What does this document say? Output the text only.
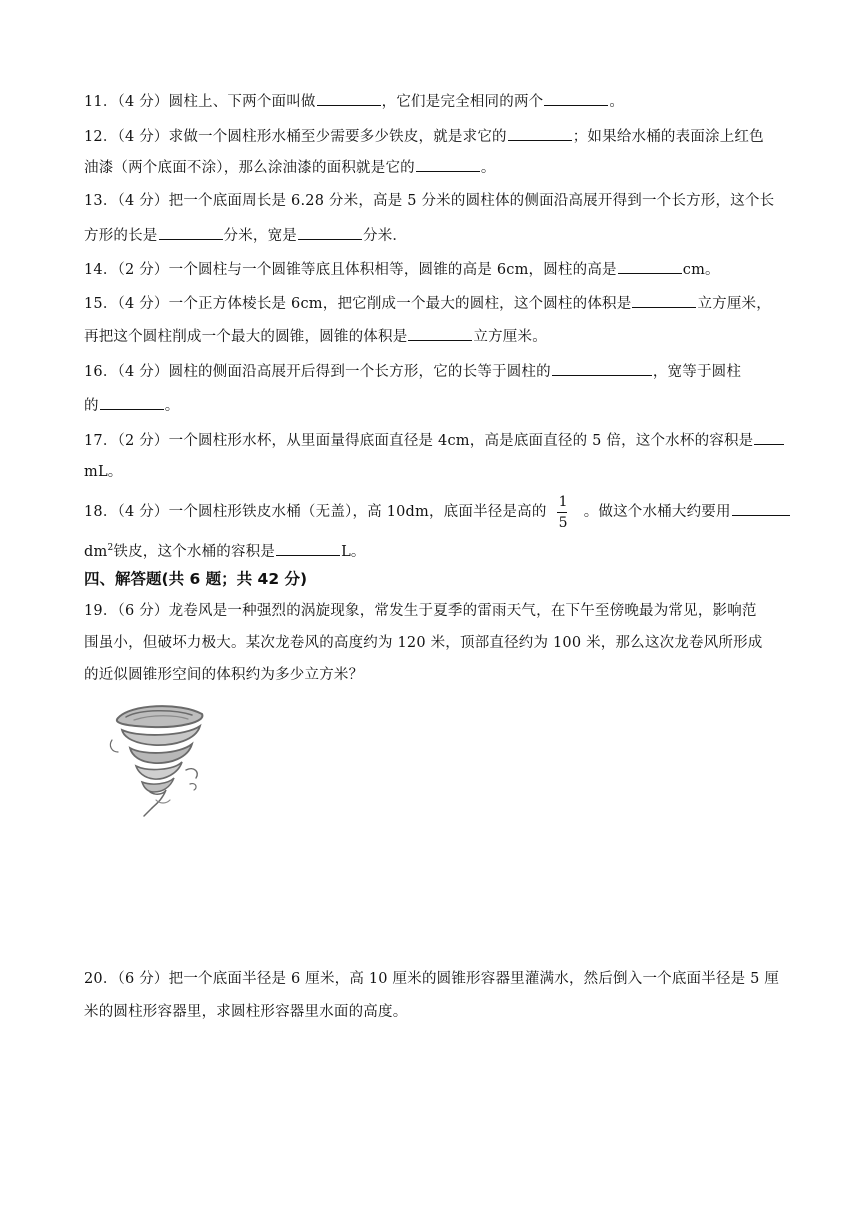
11．（4 分）圆柱上、下两个面叫做	，它们是完全相同的两个	。
12．（4 分）求做一个圆柱形水桶至少需要多少铁皮，就是求它的	；如果给水桶的表面涂上红色
油漆（两个底面不涂），那么涂油漆的面积就是它的	。
13．（4 分）把一个底面周长是 6.28 分米，高是 5 分米的圆柱体的侧面沿高展开得到一个长方形，这个长
方形的长是	分米，宽是	分米．
14．（2 分）一个圆柱与一个圆锥等底且体积相等，圆锥的高是 6cm，圆柱的高是	cm。
15．（4 分）一个正方体棱长是 6cm，把它削成一个最大的圆柱，这个圆柱的体积是	立方厘米，
再把这个圆柱削成一个最大的圆锥，圆锥的体积是	立方厘米。
16．（4 分）圆柱的侧面沿高展开后得到一个长方形，它的长等于圆柱的	，宽等于圆柱
的	。
17．（2 分）一个圆柱形水杯，从里面量得底面直径是 4cm，高是底面直径的 5 倍，这个水杯的容积是
mL。
18．（4 分）一个圆柱形铁皮水桶（无盖），高 10dm，底面半径是高的 $\frac{1}{5}$ 。做这个水桶大约要用
$dm^2$铁皮，这个水桶的容积是	L。
四、解答题(共 6 题；共 42 分)
19．（6 分）龙卷风是一种强烈的涡旋现象，常发生于夏季的雷雨天气，在下午至傍晚最为常见，影响范
围虽小，但破坏力极大。某次龙卷风的高度约为 120 米，顶部直径约为 100 米，那么这次龙卷风所形成
的近似圆锥形空间的体积约为多少立方米？
20．（6 分）把一个底面半径是 6 厘米，高 10 厘米的圆锥形容器里灌满水，然后倒入一个底面半径是 5 厘
米的圆柱形容器里，求圆柱形容器里水面的高度。
